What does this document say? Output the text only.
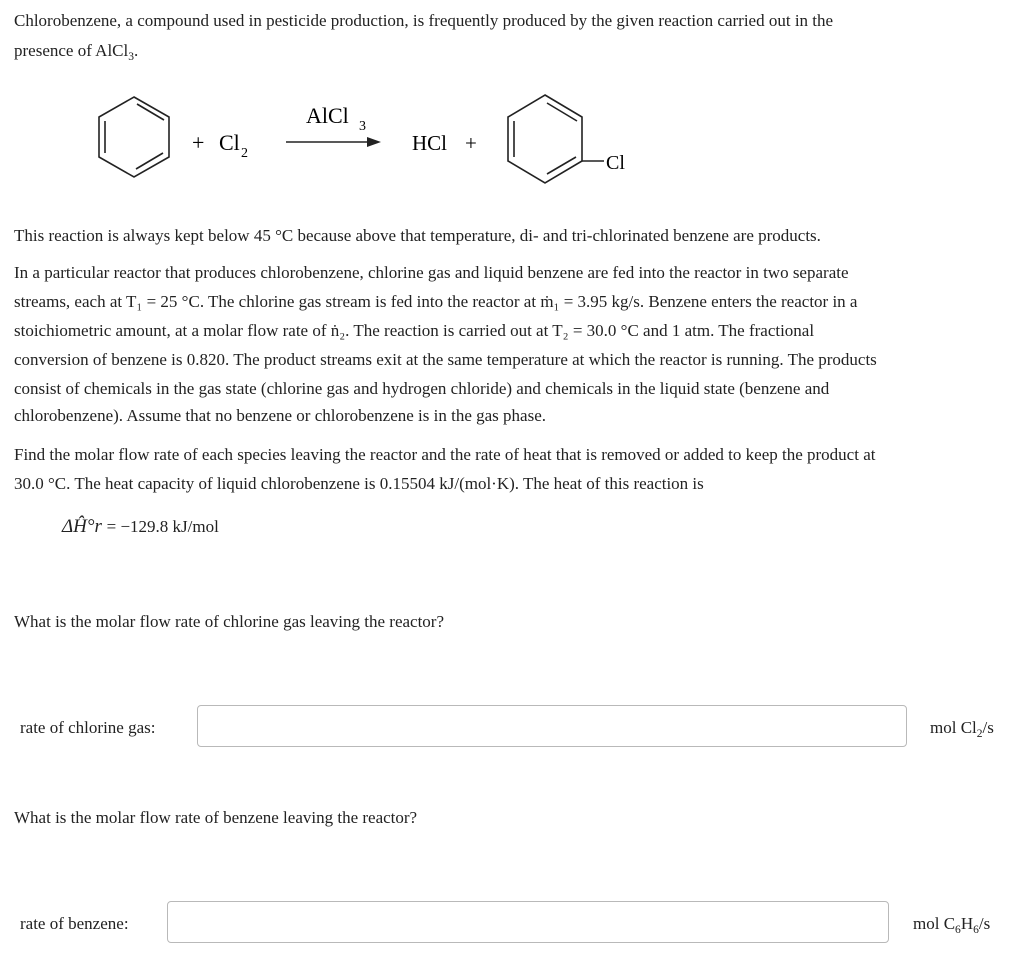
Chlorobenzene, a compound used in pesticide production, is frequently produced by the given reaction carried out in the
presence of AlCl$_3$.
+ Cl 2
AlCl 3
HCl +
Cl
This reaction is always kept below 45 °C because above that temperature, di- and tri-chlorinated benzene are products.
In a particular reactor that produces chlorobenzene, chlorine gas and liquid benzene are fed into the reactor in two separate
streams, each at T₁ = 25 °C. The chlorine gas stream is fed into the reactor at ṁ₁ = 3.95 kg/s. Benzene enters the reactor in a
stoichiometric amount, at a molar flow rate of ṅ₂. The reaction is carried out at T₂ = 30.0 °C and 1 atm. The fractional
conversion of benzene is 0.820. The product streams exit at the same temperature at which the reactor is running. The products
consist of chemicals in the gas state (chlorine gas and hydrogen chloride) and chemicals in the liquid state (benzene and
chlorobenzene). Assume that no benzene or chlorobenzene is in the gas phase.
Find the molar flow rate of each species leaving the reactor and the rate of heat that is removed or added to keep the product at
30.0 °C. The heat capacity of liquid chlorobenzene is 0.15504 kJ/(mol·K). The heat of this reaction is
ΔĤ°r = −129.8 kJ/mol
What is the molar flow rate of chlorine gas leaving the reactor?
rate of chlorine gas:	mol $Cl_2/s$
What is the molar flow rate of benzene leaving the reactor?
rate of benzene:	mol $C_6H_6/s$
